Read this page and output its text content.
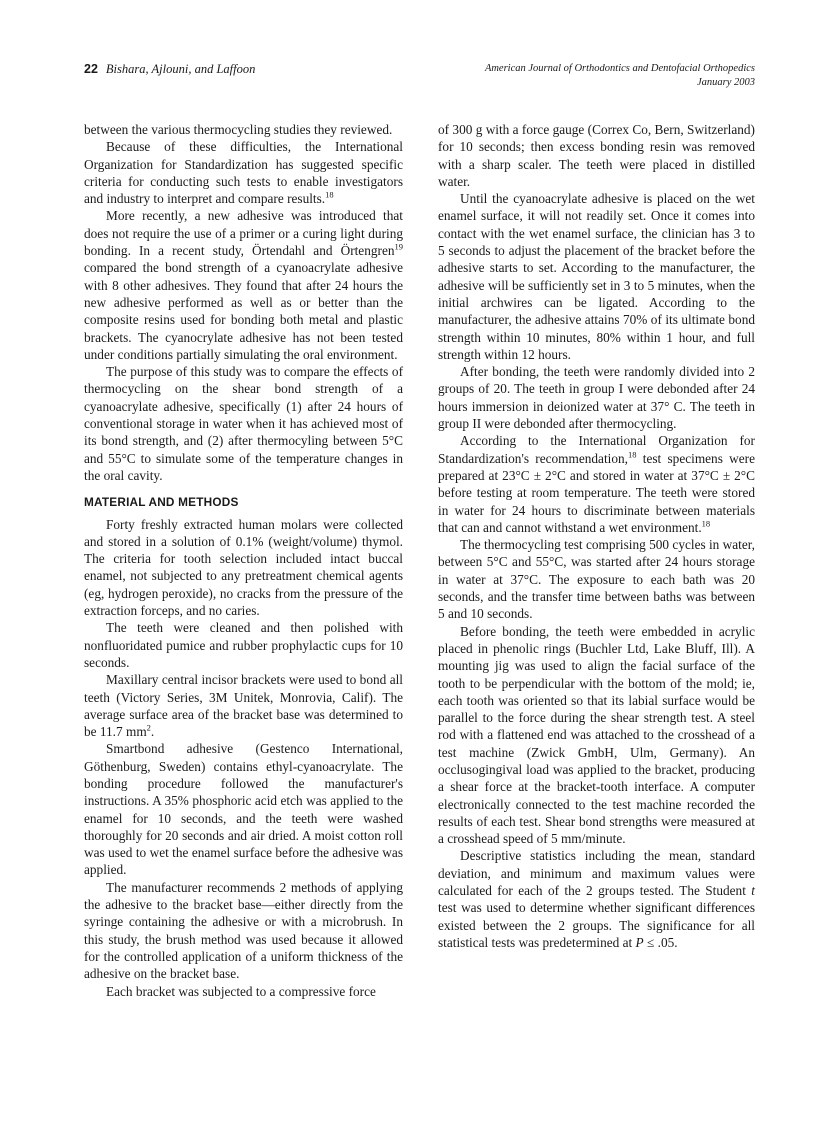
22 Bishara, Ajlouni, and Laffoon	American Journal of Orthodontics and Dentofacial Orthopedics
January 2003

between the various thermocycling studies they reviewed.

Because of these difficulties, the International Organization for Standardization has suggested specific criteria for conducting such tests to enable investigators and industry to interpret and compare results.$^{18}$

More recently, a new adhesive was introduced that does not require the use of a primer or a curing light during bonding. In a recent study, Örtendahl and Örtengren$^{19}$ compared the bond strength of a cyanoacrylate adhesive with 8 other adhesives. They found that after 24 hours the new adhesive performed as well as or better than the composite resins used for bonding both metal and plastic brackets. The cyanocrylate adhesive has not been tested under conditions partially simulating the oral environment.

The purpose of this study was to compare the effects of thermocycling on the shear bond strength of a cyanoacrylate adhesive, specifically (1) after 24 hours of conventional storage in water when it has achieved most of its bond strength, and (2) after thermocyling between 5°C and 55°C to simulate some of the temperature changes in the oral cavity.

MATERIAL AND METHODS

Forty freshly extracted human molars were collected and stored in a solution of 0.1% (weight/volume) thymol. The criteria for tooth selection included intact buccal enamel, not subjected to any pretreatment chemical agents (eg, hydrogen peroxide), no cracks from the pressure of the extraction forceps, and no caries.

The teeth were cleaned and then polished with nonfluoridated pumice and rubber prophylactic cups for 10 seconds.

Maxillary central incisor brackets were used to bond all teeth (Victory Series, 3M Unitek, Monrovia, Calif). The average surface area of the bracket base was determined to be 11.7 $mm^2$.

Smartbond adhesive (Gestenco International, Göthenburg, Sweden) contains ethyl-cyanoacrylate. The bonding procedure followed the manufacturer's instructions. A 35% phosphoric acid etch was applied to the enamel for 10 seconds, and the teeth were washed thoroughly for 20 seconds and air dried. A moist cotton roll was used to wet the enamel surface before the adhesive was applied.

The manufacturer recommends 2 methods of applying the adhesive to the bracket base—either directly from the syringe containing the adhesive or with a microbrush. In this study, the brush method was used because it allowed for the controlled application of a uniform thickness of the adhesive on the bracket base.

Each bracket was subjected to a compressive force

of 300 g with a force gauge (Correx Co, Bern, Switzerland) for 10 seconds; then excess bonding resin was removed with a sharp scaler. The teeth were placed in distilled water.

Until the cyanoacrylate adhesive is placed on the wet enamel surface, it will not readily set. Once it comes into contact with the wet enamel surface, the clinician has 3 to 5 seconds to adjust the placement of the bracket before the adhesive starts to set. According to the manufacturer, the adhesive will be sufficiently set in 3 to 5 minutes, when the initial archwires can be ligated. According to the manufacturer, the adhesive attains 70% of its ultimate bond strength within 10 minutes, 80% within 1 hour, and full strength within 12 hours.

After bonding, the teeth were randomly divided into 2 groups of 20. The teeth in group I were debonded after 24 hours immersion in deionized water at 37° C. The teeth in group II were debonded after thermocycling.

According to the International Organization for Standardization's recommendation,$^{18}$ test specimens were prepared at 23°C ± 2°C and stored in water at 37°C ± 2°C before testing at room temperature. The teeth were stored in water for 24 hours to discriminate between materials that can and cannot withstand a wet environment.$^{18}$

The thermocycling test comprising 500 cycles in water, between 5°C and 55°C, was started after 24 hours storage in water at 37°C. The exposure to each bath was 20 seconds, and the transfer time between baths was between 5 and 10 seconds.

Before bonding, the teeth were embedded in acrylic placed in phenolic rings (Buchler Ltd, Lake Bluff, Ill). A mounting jig was used to align the facial surface of the tooth to be perpendicular with the bottom of the mold; ie, each tooth was oriented so that its labial surface would be parallel to the force during the shear strength test. A steel rod with a flattened end was attached to the crosshead of a test machine (Zwick GmbH, Ulm, Germany). An occlusogingival load was applied to the bracket, producing a shear force at the bracket-tooth interface. A computer electronically connected to the test machine recorded the results of each test. Shear bond strengths were measured at a crosshead speed of 5 mm/minute.

Descriptive statistics including the mean, standard deviation, and minimum and maximum values were calculated for each of the 2 groups tested. The Student t test was used to determine whether significant differences existed between the 2 groups. The significance for all statistical tests was predetermined at P ≤ .05.
